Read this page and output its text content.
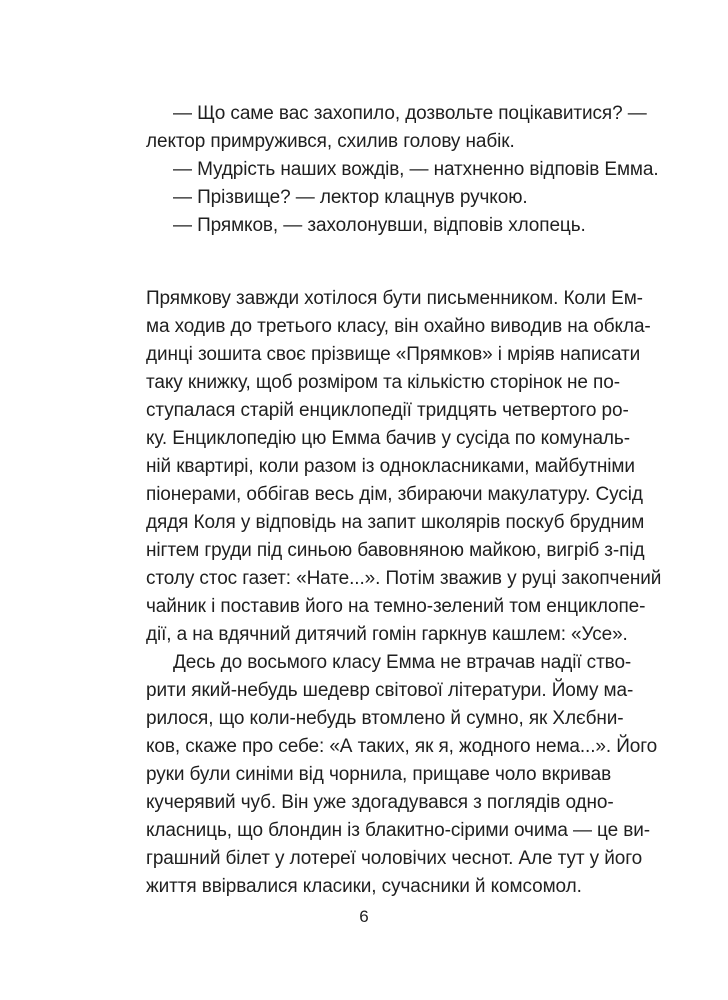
— Що саме вас захопило, дозвольте поцікавитися? —
лектор примружився, схилив голову набік.
— Мудрість наших вождів, — натхненно відповів Емма.
— Прізвище? — лектор клацнув ручкою.
— Прямков, — захолонувши, відповів хлопець.
Прямкову завжди хотілося бути письменником. Коли Ем-
ма ходив до третього класу, він охайно виводив на обкла-
динці зошита своє прізвище «Прямков» і мріяв написати
таку книжку, щоб розміром та кількістю сторінок не по-
ступалася старій енциклопедії тридцять четвертого ро-
ку. Енциклопедію цю Емма бачив у сусіда по комуналь-
ній квартирі, коли разом із однокласниками, майбутніми
піонерами, оббігав весь дім, збираючи макулатуру. Сусід
дядя Коля у відповідь на запит школярів поскуб брудним
нігтем груди під синьою бавовняною майкою, вигріб з-під
столу стос газет: «Нате...». Потім зважив у руці закопчений
чайник і поставив його на темно-зелений том енциклопе-
дії, а на вдячний дитячий гомін гаркнув кашлем: «Усе».
Десь до восьмого класу Емма не втрачав надії ство-
рити який-небудь шедевр світової літератури. Йому ма-
рилося, що коли-небудь втомлено й сумно, як Хлєбни-
ков, скаже про себе: «А таких, як я, жодного нема...». Його
руки були синіми від чорнила, прищаве чоло вкривав
кучерявий чуб. Він уже здогадувався з поглядів одно-
класниць, що блондин із блакитно-сірими очима — це ви-
грашний білет у лотереї чоловічих чеснот. Але тут у його
життя ввірвалися класики, сучасники й комсомол.
6
